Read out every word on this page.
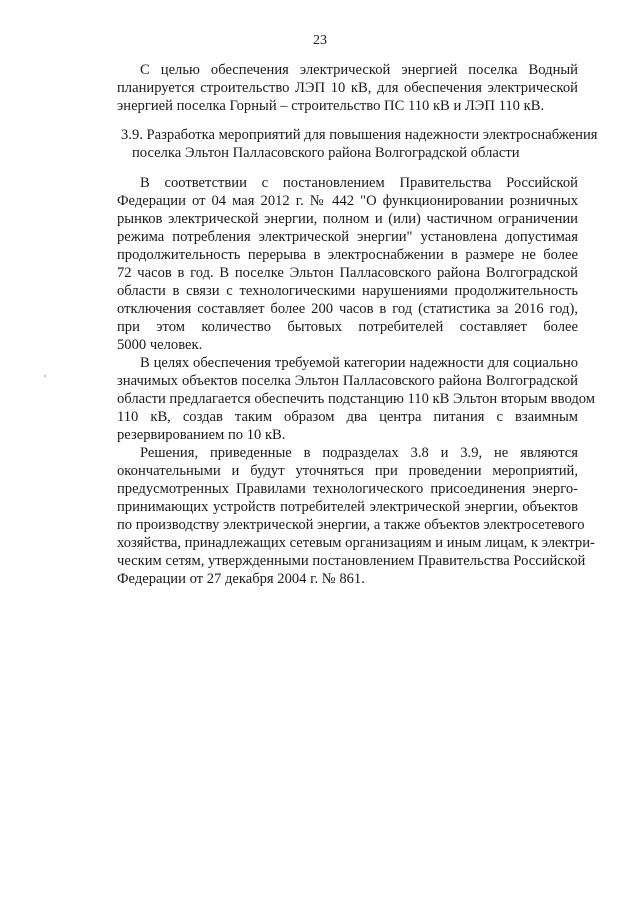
23
С целью обеспечения электрической энергией поселка Водный
планируется строительство ЛЭП 10 кВ, для обеспечения электрической
энергией поселка Горный – строительство ПС 110 кВ и ЛЭП 110 кВ.
3.9. Разработка мероприятий для повышения надежности электроснабжения
поселка Эльтон Палласовского района Волгоградской области
В соответствии с постановлением Правительства Российской
Федерации от 04 мая 2012 г. № 442 "О функционировании розничных
рынков электрической энергии, полном и (или) частичном ограничении
режима потребления электрической энергии" установлена допустимая
продолжительность перерыва в электроснабжении в размере не более
72 часов в год. В поселке Эльтон Палласовского района Волгоградской
области в связи с технологическими нарушениями продолжительность
отключения составляет более 200 часов в год (статистика за 2016 год),
при этом количество бытовых потребителей составляет более
5000 человек.
В целях обеспечения требуемой категории надежности для социально
значимых объектов поселка Эльтон Палласовского района Волгоградской
области предлагается обеспечить подстанцию 110 кВ Эльтон вторым вводом
110 кВ, создав таким образом два центра питания с взаимным
резервированием по 10 кВ.
Решения, приведенные в подразделах 3.8 и 3.9, не являются
окончательными и будут уточняться при проведении мероприятий,
предусмотренных Правилами технологического присоединения энерго-
принимающих устройств потребителей электрической энергии, объектов
по производству электрической энергии, а также объектов электросетевого
хозяйства, принадлежащих сетевым организациям и иным лицам, к электри-
ческим сетям, утвержденными постановлением Правительства Российской
Федерации от 27 декабря 2004 г. № 861.
